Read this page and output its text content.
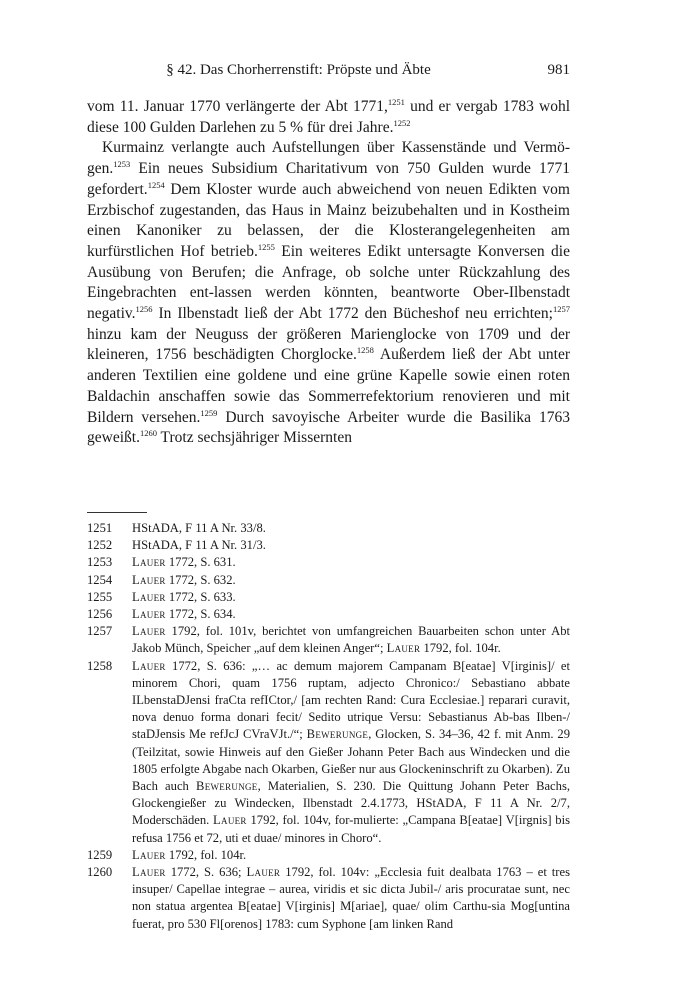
§ 42. Das Chorherrenstift: Pröpste und Äbte	981

vom 11. Januar 1770 verlängerte der Abt 1771,$^{1251}$ und er vergab 1783 wohl diese 100 Gulden Darlehen zu 5 % für drei Jahre.$^{1252}$

Kurmainz verlangte auch Aufstellungen über Kassenstände und Vermö-gen.$^{1253}$ Ein neues Subsidium Charitativum von 750 Gulden wurde 1771 gefordert.$^{1254}$ Dem Kloster wurde auch abweichend von neuen Edikten vom Erzbischof zugestanden, das Haus in Mainz beizubehalten und in Kostheim einen Kanoniker zu belassen, der die Klosterangelegenheiten am kurfürstlichen Hof betrieb.$^{1255}$ Ein weiteres Edikt untersagte Konversen die Ausübung von Berufen; die Anfrage, ob solche unter Rückzahlung des Eingebrachten ent-lassen werden könnten, beantworte Ober-Ilbenstadt negativ.$^{1256}$ In Ilbenstadt ließ der Abt 1772 den Bücheshof neu errichten;$^{1257}$ hinzu kam der Neuguss der größeren Marienglocke von 1709 und der kleineren, 1756 beschädigten Chorglocke.$^{1258}$ Außerdem ließ der Abt unter anderen Textilien eine goldene und eine grüne Kapelle sowie einen roten Baldachin anschaffen sowie das Sommerrefektorium renovieren und mit Bildern versehen.$^{1259}$ Durch savoyische Arbeiter wurde die Basilika 1763 geweißt.$^{1260}$ Trotz sechsjähriger Missernten

1251	HStADA, F 11 A Nr. 33/8.
1252	HStADA, F 11 A Nr. 31/3.
1253	Lauer 1772, S. 631.
1254	Lauer 1772, S. 632.
1255	Lauer 1772, S. 633.
1256	Lauer 1772, S. 634.
1257	Lauer 1792, fol. 101v, berichtet von umfangreichen Bauarbeiten schon unter Abt Jakob Münch, Speicher „auf dem kleinen Anger“; Lauer 1792, fol. 104r.
1258	Lauer 1772, S. 636: „… ac demum majorem Campanam B[eatae] V[irginis]/ et minorem Chori, quam 1756 ruptam, adjecto Chronico:/ Sebastiano abbate ILbenstaDJensi fraCta refICtor,/ [am rechten Rand: Cura Ecclesiae.] reparari curavit, nova denuo forma donari fecit/ Sedito utrique Versu: Sebastianus Ab-bas Ilben-/ staDJensis Me refJcJ CVraVJt./“; Bewerunge, Glocken, S. 34–36, 42 f. mit Anm. 29 (Teilzitat, sowie Hinweis auf den Gießer Johann Peter Bach aus Windecken und die 1805 erfolgte Abgabe nach Okarben, Gießer nur aus Glockeninschrift zu Okarben). Zu Bach auch Bewerunge, Materialien, S. 230. Die Quittung Johann Peter Bachs, Glockengießer zu Windecken, Ilbenstadt 2.4.1773, HStADA, F 11 A Nr. 2/7, Moderschäden. Lauer 1792, fol. 104v, for-mulierte: „Campana B[eatae] V[irgnis] bis refusa 1756 et 72, uti et duae/ minores in Choro“.
1259	Lauer 1792, fol. 104r.
1260	Lauer 1772, S. 636; Lauer 1792, fol. 104v: „Ecclesia fuit dealbata 1763 – et tres insuper/ Capellae integrae – aurea, viridis et sic dicta Jubil-/ aris procuratae sunt, nec non statua argentea B[eatae] V[irginis] M[ariae], quae/ olim Carthu-sia Mog[untina fuerat, pro 530 Fl[orenos] 1783: cum Syphone [am linken Rand
